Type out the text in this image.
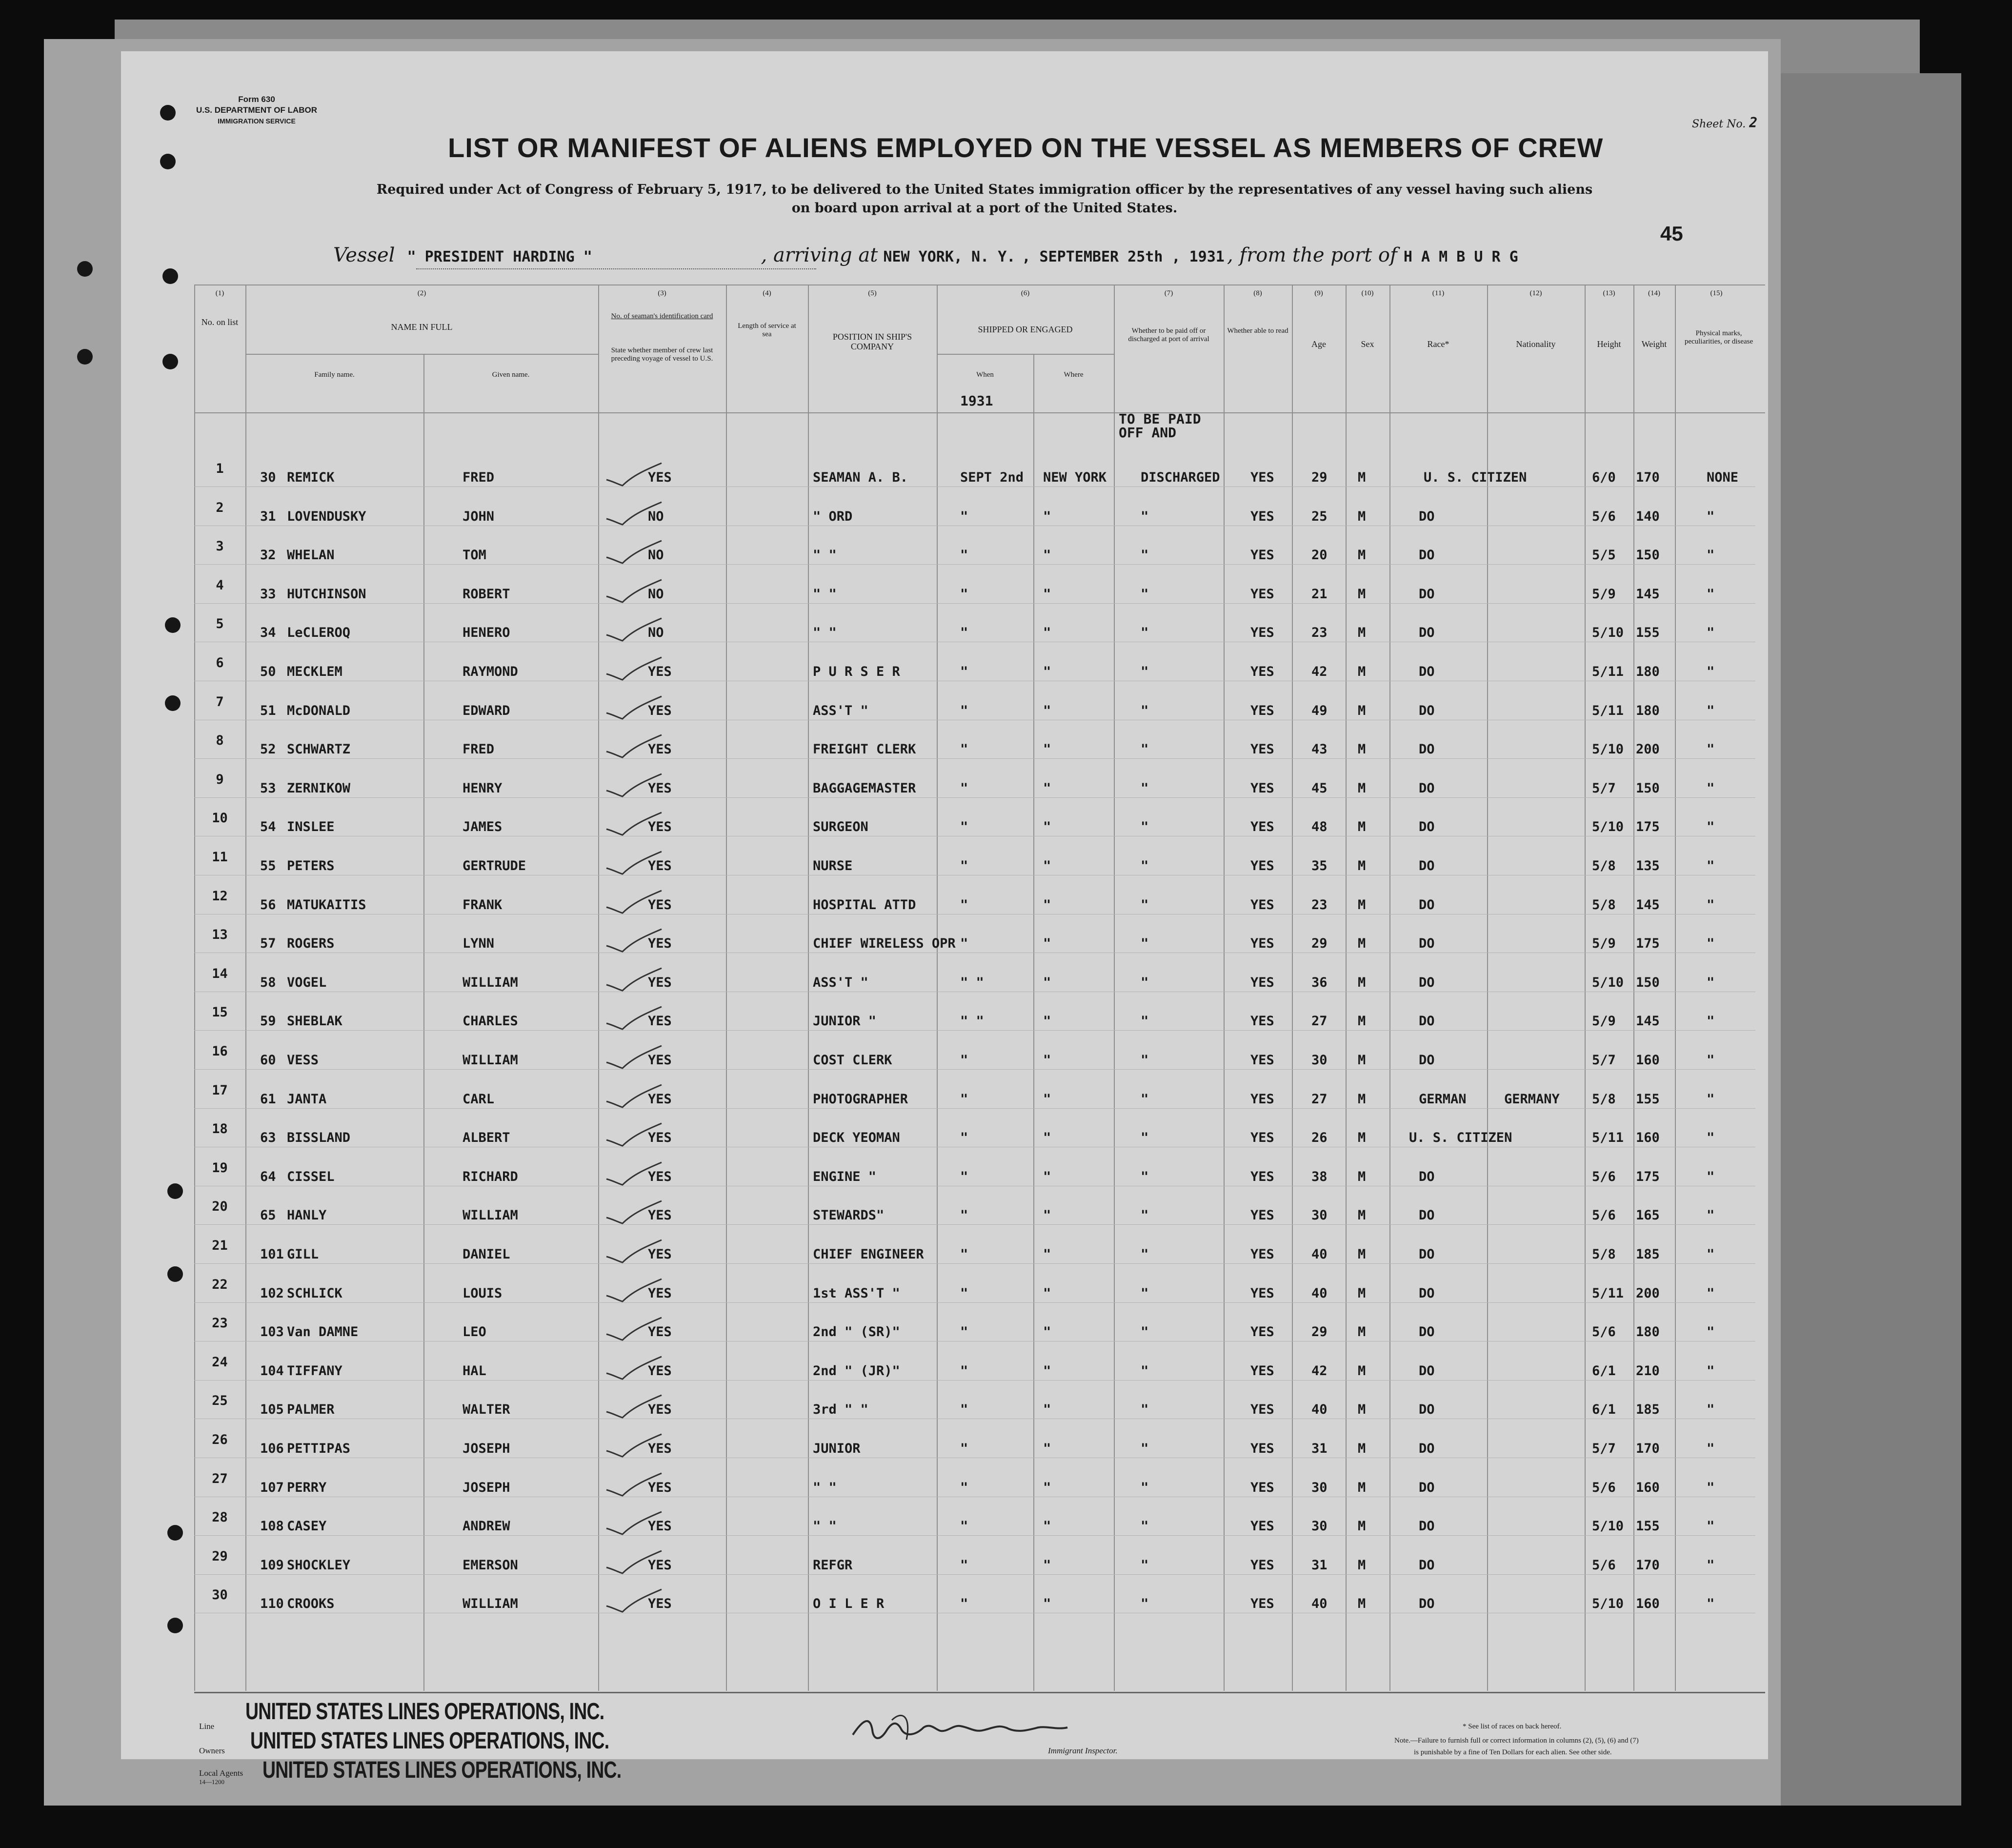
Form 630
U.S. DEPARTMENT OF LABOR
IMMIGRATION SERVICE	Sheet No. 2
45
LIST OR MANIFEST OF ALIENS EMPLOYED ON THE VESSEL AS MEMBERS OF CREW
Required under Act of Congress of February 5, 1917, to be delivered to the United States immigration officer by the representatives of any vessel having such aliens
on board upon arrival at a port of the United States.
Vessel " PRESIDENT HARDING "	, arriving at NEW YORK, N. Y. , SEPTEMBER 25th , 1931 , from the port of H A M B U R G
(1)
No. on list
(2)
NAME IN FULL
Family name.	Given name.
(3)
No. of seaman's identification card
State whether member of crew last preceding voyage of vessel to U.S.
(4)
Length of service at sea
(5)
POSITION IN SHIP'S COMPANY
(6)
SHIPPED OR ENGAGED
When	Where
1931
(7)
Whether to be paid off or discharged at port of arrival
(8)
Whether able to read
(9)
Age
(10)
Sex
(11)
Race*
(12)
Nationality
(13)
Height
(14)
Weight
(15)
Physical marks, peculiarities, or disease
TO BE PAID
OFF AND
1
30 REMICK	FRED	YES	SEAMAN A. B.	SEPT 2nd NEW YORK	DISCHARGED YES	29 M	U. S. CITIZEN	6/0 170	NONE
2
31 LOVENDUSKY	JOHN	NO	" ORD	"	"	"	YES	25 M	DO	5/6 140	"
3
32 WHELAN	TOM	NO	" "	"	"	"	YES	20 M	DO	5/5 150	"
4
33 HUTCHINSON	ROBERT	NO	" "	"	"	"	YES	21 M	DO	5/9 145	"
5
34 LeCLEROQ	HENERO	NO	" "	"	"	"	YES	23 M	DO	5/10 155	"
6
50 MECKLEM	RAYMOND	YES	P U R S E R	"	"	"	YES	42 M	DO	5/11 180	"
7
51 McDONALD	EDWARD	YES	ASS'T "	"	"	"	YES	49 M	DO	5/11 180	"
8
52 SCHWARTZ	FRED	YES	FREIGHT CLERK	"	"	"	YES	43 M	DO	5/10 200	"
9
53 ZERNIKOW	HENRY	YES	BAGGAGEMASTER	"	"	"	YES	45 M	DO	5/7 150	"
10
54 INSLEE	JAMES	YES	SURGEON	"	"	"	YES	48 M	DO	5/10 175	"
11
55 PETERS	GERTRUDE	YES	NURSE	"	"	"	YES	35 M	DO	5/8 135	"
12
56 MATUKAITIS	FRANK	YES	HOSPITAL ATTD	"	"	"	YES	23 M	DO	5/8 145	"
13
57 ROGERS	LYNN	YES	CHIEF WIRELESS OPR "	"	"	YES	29 M	DO	5/9 175	"
14
58 VOGEL	WILLIAM	YES	ASS'T "	" "	"	"	YES	36 M	DO	5/10 150	"
15
59 SHEBLAK	CHARLES	YES	JUNIOR "	" "	"	"	YES	27 M	DO	5/9 145	"
16
60 VESS	WILLIAM	YES	COST CLERK	"	"	"	YES	30 M	DO	5/7 160	"
17
61 JANTA	CARL	YES	PHOTOGRAPHER	"	"	"	YES	27 M	GERMAN	GERMANY 5/8 155	"
18
63 BISSLAND	ALBERT	YES	DECK YEOMAN	"	"	"	YES	26 M	U. S. CITIZEN	5/11 160	"
19
64 CISSEL	RICHARD	YES	ENGINE "	"	"	"	YES	38 M	DO	5/6 175	"
20
65 HANLY	WILLIAM	YES	STEWARDS"	"	"	"	YES	30 M	DO	5/6 165	"
21
101 GILL	DANIEL	YES	CHIEF ENGINEER	"	"	"	YES	40 M	DO	5/8 185	"
22
102 SCHLICK	LOUIS	YES	1st ASS'T "	"	"	"	YES	40 M	DO	5/11 200	"
23
103 Van DAMNE	LEO	YES	2nd " (SR)"	"	"	"	YES	29 M	DO	5/6 180	"
24
104 TIFFANY	HAL	YES	2nd " (JR)"	"	"	"	YES	42 M	DO	6/1 210	"
25
105 PALMER	WALTER	YES	3rd " "	"	"	"	YES	40 M	DO	6/1 185	"
26
106 PETTIPAS	JOSEPH	YES	JUNIOR	"	"	"	YES	31 M	DO	5/7 170	"
27
107 PERRY	JOSEPH	YES	" "	"	"	"	YES	30 M	DO	5/6 160	"
28
108 CASEY	ANDREW	YES	" "	"	"	"	YES	30 M	DO	5/10 155	"
29
109 SHOCKLEY	EMERSON	YES	REFGR	"	"	"	YES	31 M	DO	5/6 170	"
30
110 CROOKS	WILLIAM	YES	O I L E R	"	"	"	YES	40 M	DO	5/10 160	"
Line
Owners
Local Agents
14—1200
UNITED STATES LINES OPERATIONS, INC.
UNITED STATES LINES OPERATIONS, INC.
UNITED STATES LINES OPERATIONS, INC.
Immigrant Inspector.
* See list of races on back hereof.
Note.—Failure to furnish full or correct information in columns (2), (5), (6) and (7)
is punishable by a fine of Ten Dollars for each alien. See other side.
